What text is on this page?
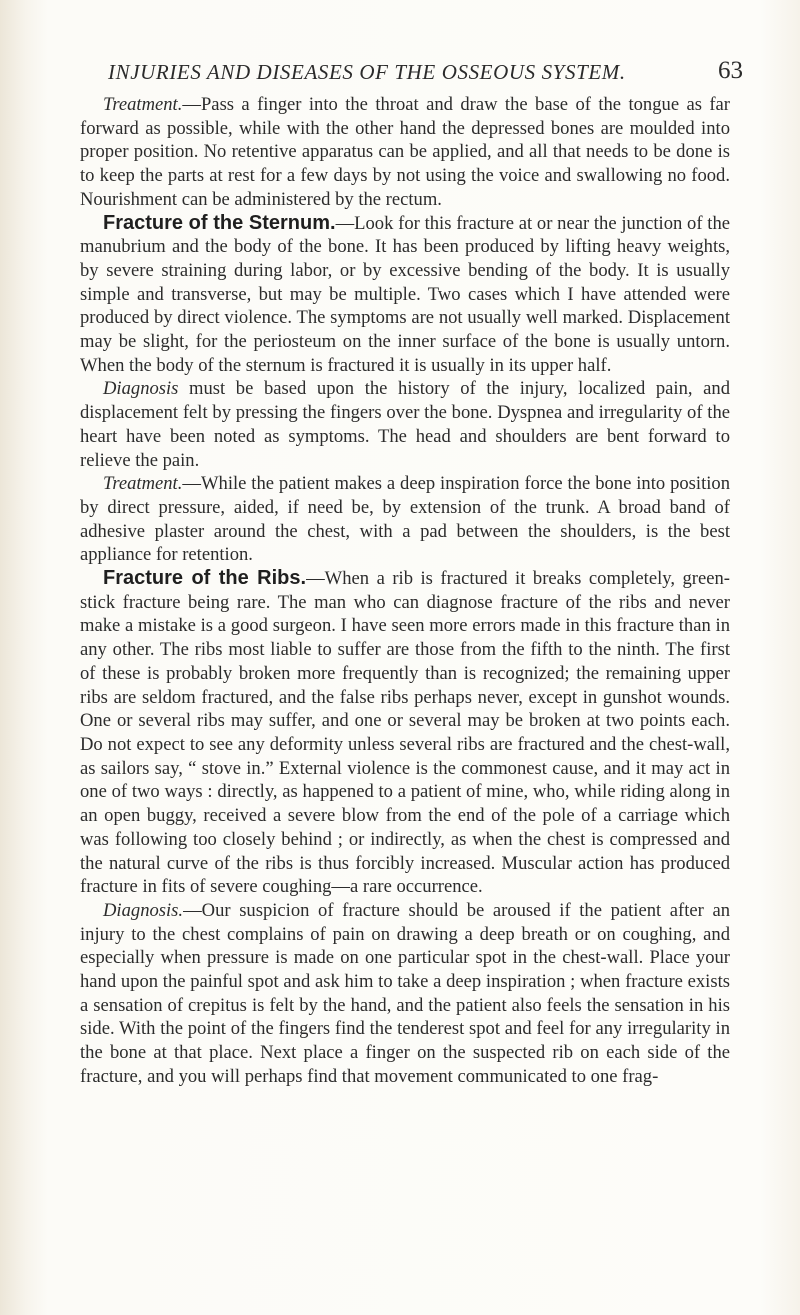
INJURIES AND DISEASES OF THE OSSEOUS SYSTEM.	63

Treatment.—Pass a finger into the throat and draw the base of the tongue as far forward as possible, while with the other hand the depressed bones are moulded into proper position. No retentive apparatus can be applied, and all that needs to be done is to keep the parts at rest for a few days by not using the voice and swallowing no food. Nourishment can be administered by the rectum.

Fracture of the Sternum.—Look for this fracture at or near the junction of the manubrium and the body of the bone. It has been produced by lifting heavy weights, by severe straining during labor, or by excessive bending of the body. It is usually simple and transverse, but may be multiple. Two cases which I have attended were produced by direct violence. The symptoms are not usually well marked. Displacement may be slight, for the periosteum on the inner surface of the bone is usually untorn. When the body of the sternum is fractured it is usually in its upper half.

Diagnosis must be based upon the history of the injury, localized pain, and displacement felt by pressing the fingers over the bone. Dyspnea and irregularity of the heart have been noted as symptoms. The head and shoulders are bent forward to relieve the pain.

Treatment.—While the patient makes a deep inspiration force the bone into position by direct pressure, aided, if need be, by extension of the trunk. A broad band of adhesive plaster around the chest, with a pad between the shoulders, is the best appliance for retention.

Fracture of the Ribs.—When a rib is fractured it breaks completely, green-stick fracture being rare. The man who can diagnose fracture of the ribs and never make a mistake is a good surgeon. I have seen more errors made in this fracture than in any other. The ribs most liable to suffer are those from the fifth to the ninth. The first of these is probably broken more frequently than is recognized; the remaining upper ribs are seldom fractured, and the false ribs perhaps never, except in gunshot wounds. One or several ribs may suffer, and one or several may be broken at two points each. Do not expect to see any deformity unless several ribs are fractured and the chest-wall, as sailors say, “ stove in.” External violence is the commonest cause, and it may act in one of two ways : directly, as happened to a patient of mine, who, while riding along in an open buggy, received a severe blow from the end of the pole of a carriage which was following too closely behind ; or indirectly, as when the chest is compressed and the natural curve of the ribs is thus forcibly increased. Muscular action has produced fracture in fits of severe coughing—a rare occurrence.

Diagnosis.—Our suspicion of fracture should be aroused if the patient after an injury to the chest complains of pain on drawing a deep breath or on coughing, and especially when pressure is made on one particular spot in the chest-wall. Place your hand upon the painful spot and ask him to take a deep inspiration ; when fracture exists a sensation of crepitus is felt by the hand, and the patient also feels the sensation in his side. With the point of the fingers find the tenderest spot and feel for any irregularity in the bone at that place. Next place a finger on the suspected rib on each side of the fracture, and you will perhaps find that movement communicated to one frag-
